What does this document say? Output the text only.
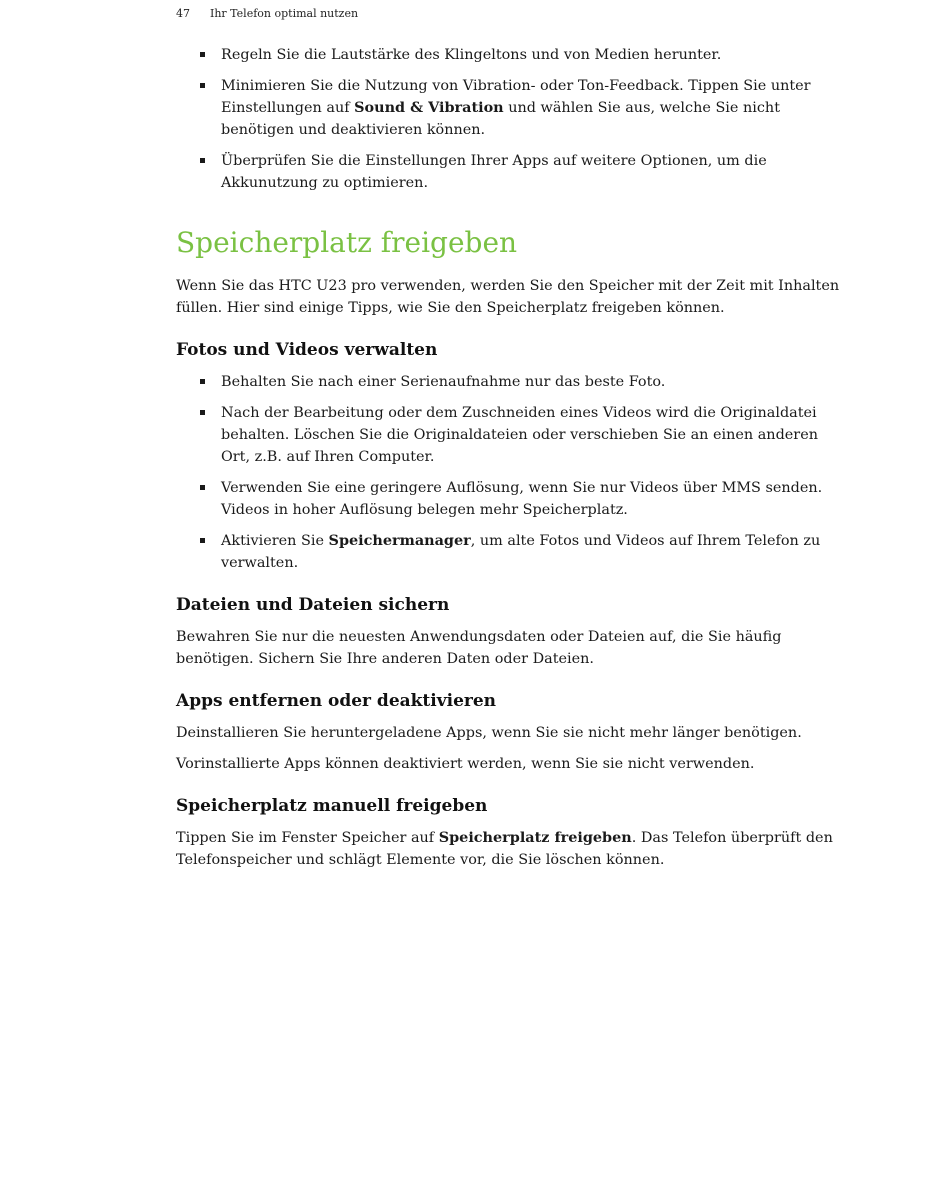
47 Ihr Telefon optimal nutzen
Regeln Sie die Lautstärke des Klingeltons und von Medien herunter.
Minimieren Sie die Nutzung von Vibration- oder Ton-Feedback. Tippen Sie unter Einstellungen auf Sound & Vibration und wählen Sie aus, welche Sie nicht benötigen und deaktivieren können.
Überprüfen Sie die Einstellungen Ihrer Apps auf weitere Optionen, um die Akkunutzung zu optimieren.
Speicherplatz freigeben

Wenn Sie das HTC U23 pro verwenden, werden Sie den Speicher mit der Zeit mit Inhalten füllen. Hier sind einige Tipps, wie Sie den Speicherplatz freigeben können.

Fotos und Videos verwalten
Behalten Sie nach einer Serienaufnahme nur das beste Foto.
Nach der Bearbeitung oder dem Zuschneiden eines Videos wird die Originaldatei behalten. Löschen Sie die Originaldateien oder verschieben Sie an einen anderen Ort, z.B. auf Ihren Computer.
Verwenden Sie eine geringere Auflösung, wenn Sie nur Videos über MMS senden. Videos in hoher Auflösung belegen mehr Speicherplatz.
Aktivieren Sie Speichermanager, um alte Fotos und Videos auf Ihrem Telefon zu verwalten.
Dateien und Dateien sichern

Bewahren Sie nur die neuesten Anwendungsdaten oder Dateien auf, die Sie häufig benötigen. Sichern Sie Ihre anderen Daten oder Dateien.

Apps entfernen oder deaktivieren

Deinstallieren Sie heruntergeladene Apps, wenn Sie sie nicht mehr länger benötigen.

Vorinstallierte Apps können deaktiviert werden, wenn Sie sie nicht verwenden.

Speicherplatz manuell freigeben

Tippen Sie im Fenster Speicher auf Speicherplatz freigeben. Das Telefon überprüft den Telefonspeicher und schlägt Elemente vor, die Sie löschen können.
